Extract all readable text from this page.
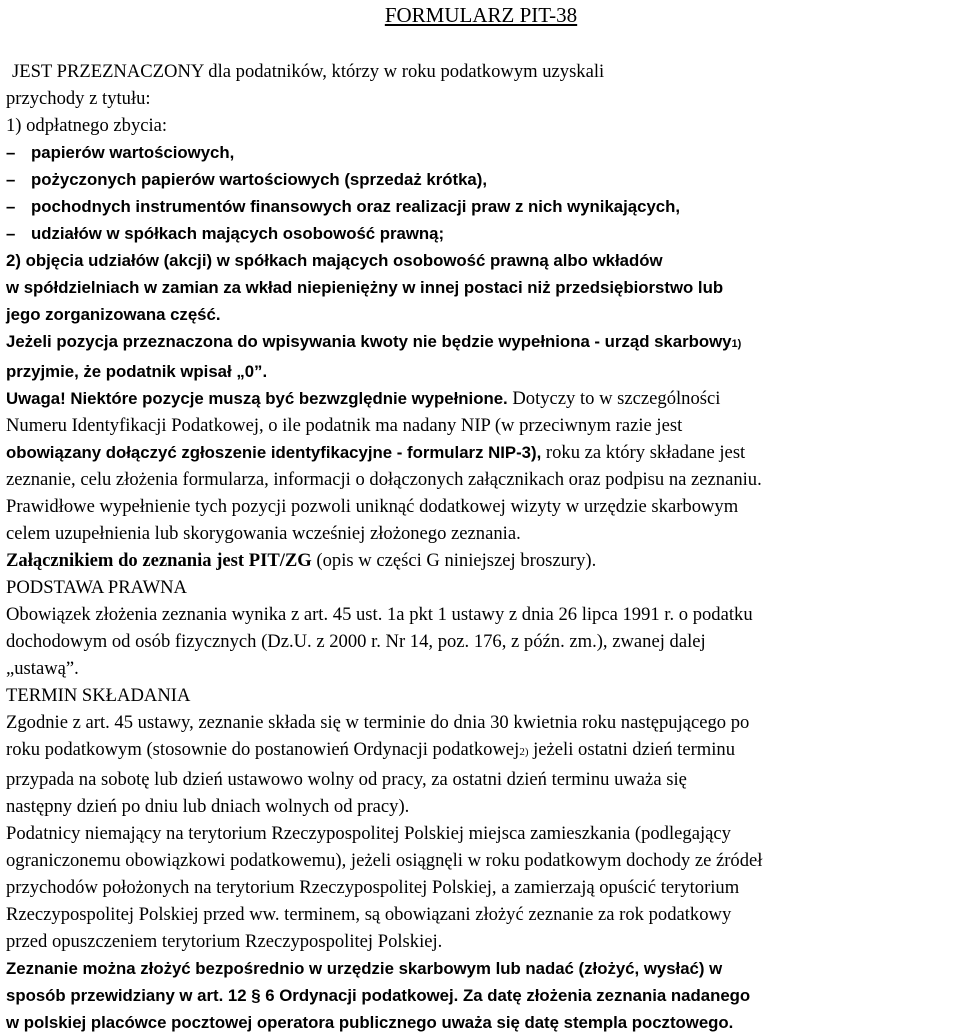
FORMULARZ PIT-38
JEST PRZEZNACZONY dla podatników, którzy w roku podatkowym uzyskali
przychody z tytułu:
1) odpłatnego zbycia:
– papierów wartościowych,
– pożyczonych papierów wartościowych (sprzedaż krótka),
– pochodnych instrumentów finansowych oraz realizacji praw z nich wynikających,
– udziałów w spółkach mających osobowość prawną;
2) objęcia udziałów (akcji) w spółkach mających osobowość prawną albo wkładów
w spółdzielniach w zamian za wkład niepieniężny w innej postaci niż przedsiębiorstwo lub
jego zorganizowana część.
Jeżeli pozycja przeznaczona do wpisywania kwoty nie będzie wypełniona - urząd skarbowy1)
przyjmie, że podatnik wpisał „0”.
Uwaga! Niektóre pozycje muszą być bezwzględnie wypełnione. Dotyczy to w szczególności
Numeru Identyfikacji Podatkowej, o ile podatnik ma nadany NIP (w przeciwnym razie jest
obowiązany dołączyć zgłoszenie identyfikacyjne - formularz NIP-3), roku za który składane jest
zeznanie, celu złożenia formularza, informacji o dołączonych załącznikach oraz podpisu na zeznaniu.
Prawidłowe wypełnienie tych pozycji pozwoli uniknąć dodatkowej wizyty w urzędzie skarbowym
celem uzupełnienia lub skorygowania wcześniej złożonego zeznania.
Załącznikiem do zeznania jest PIT/ZG (opis w części G niniejszej broszury).
PODSTAWA PRAWNA
Obowiązek złożenia zeznania wynika z art. 45 ust. 1a pkt 1 ustawy z dnia 26 lipca 1991 r. o podatku
dochodowym od osób fizycznych (Dz.U. z 2000 r. Nr 14, poz. 176, z późn. zm.), zwanej dalej
„ustawą”.
TERMIN SKŁADANIA
Zgodnie z art. 45 ustawy, zeznanie składa się w terminie do dnia 30 kwietnia roku następującego po
roku podatkowym (stosownie do postanowień Ordynacji podatkowej2) jeżeli ostatni dzień terminu
przypada na sobotę lub dzień ustawowo wolny od pracy, za ostatni dzień terminu uważa się
następny dzień po dniu lub dniach wolnych od pracy).
Podatnicy niemający na terytorium Rzeczypospolitej Polskiej miejsca zamieszkania (podlegający
ograniczonemu obowiązkowi podatkowemu), jeżeli osiągnęli w roku podatkowym dochody ze źródeł
przychodów położonych na terytorium Rzeczypospolitej Polskiej, a zamierzają opuścić terytorium
Rzeczypospolitej Polskiej przed ww. terminem, są obowiązani złożyć zeznanie za rok podatkowy
przed opuszczeniem terytorium Rzeczypospolitej Polskiej.
Zeznanie można złożyć bezpośrednio w urzędzie skarbowym lub nadać (złożyć, wysłać) w
sposób przewidziany w art. 12 § 6 Ordynacji podatkowej. Za datę złożenia zeznania nadanego
w polskiej placówce pocztowej operatora publicznego uważa się datę stempla pocztowego.
